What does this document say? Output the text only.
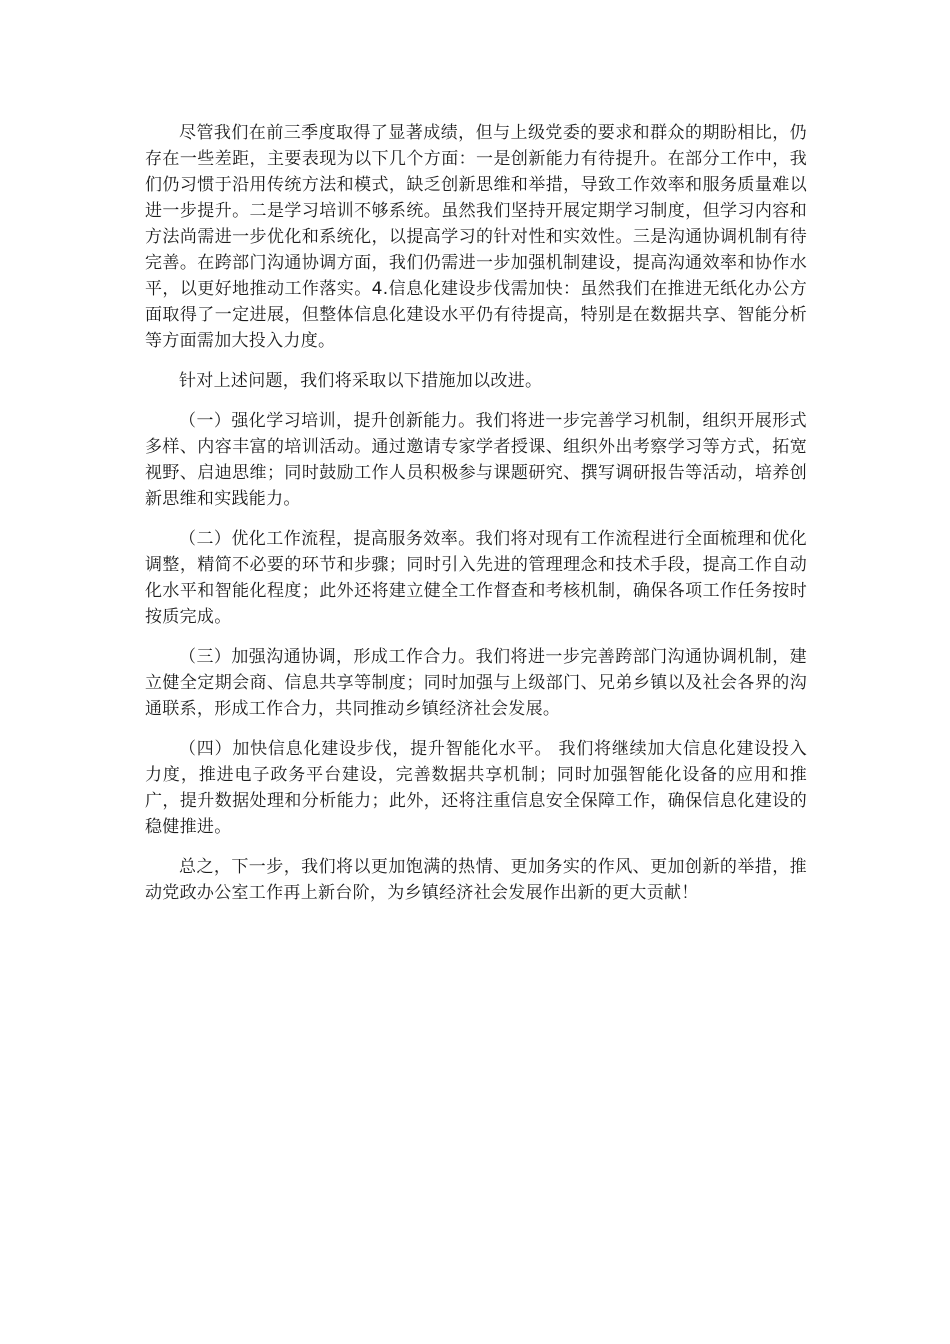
尽管我们在前三季度取得了显著成绩，但与上级党委的要求和群众的期盼相比，仍存在一些差距，主要表现为以下几个方面：一是创新能力有待提升。在部分工作中，我们仍习惯于沿用传统方法和模式，缺乏创新思维和举措，导致工作效率和服务质量难以进一步提升。二是学习培训不够系统。虽然我们坚持开展定期学习制度，但学习内容和方法尚需进一步优化和系统化，以提高学习的针对性和实效性。三是沟通协调机制有待完善。在跨部门沟通协调方面，我们仍需进一步加强机制建设，提高沟通效率和协作水平，以更好地推动工作落实。4.信息化建设步伐需加快：虽然我们在推进无纸化办公方面取得了一定进展，但整体信息化建设水平仍有待提高，特别是在数据共享、智能分析等方面需加大投入力度。

针对上述问题，我们将采取以下措施加以改进。

（一）强化学习培训，提升创新能力。我们将进一步完善学习机制，组织开展形式多样、内容丰富的培训活动。通过邀请专家学者授课、组织外出考察学习等方式，拓宽视野、启迪思维；同时鼓励工作人员积极参与课题研究、撰写调研报告等活动，培养创新思维和实践能力。

（二）优化工作流程，提高服务效率。我们将对现有工作流程进行全面梳理和优化调整，精简不必要的环节和步骤；同时引入先进的管理理念和技术手段，提高工作自动化水平和智能化程度；此外还将建立健全工作督查和考核机制，确保各项工作任务按时按质完成。

（三）加强沟通协调，形成工作合力。我们将进一步完善跨部门沟通协调机制，建立健全定期会商、信息共享等制度；同时加强与上级部门、兄弟乡镇以及社会各界的沟通联系，形成工作合力，共同推动乡镇经济社会发展。

（四）加快信息化建设步伐，提升智能化水平。 我们将继续加大信息化建设投入力度，推进电子政务平台建设，完善数据共享机制；同时加强智能化设备的应用和推广，提升数据处理和分析能力；此外，还将注重信息安全保障工作，确保信息化建设的稳健推进。

总之，下一步，我们将以更加饱满的热情、更加务实的作风、更加创新的举措，推动党政办公室工作再上新台阶，为乡镇经济社会发展作出新的更大贡献！
